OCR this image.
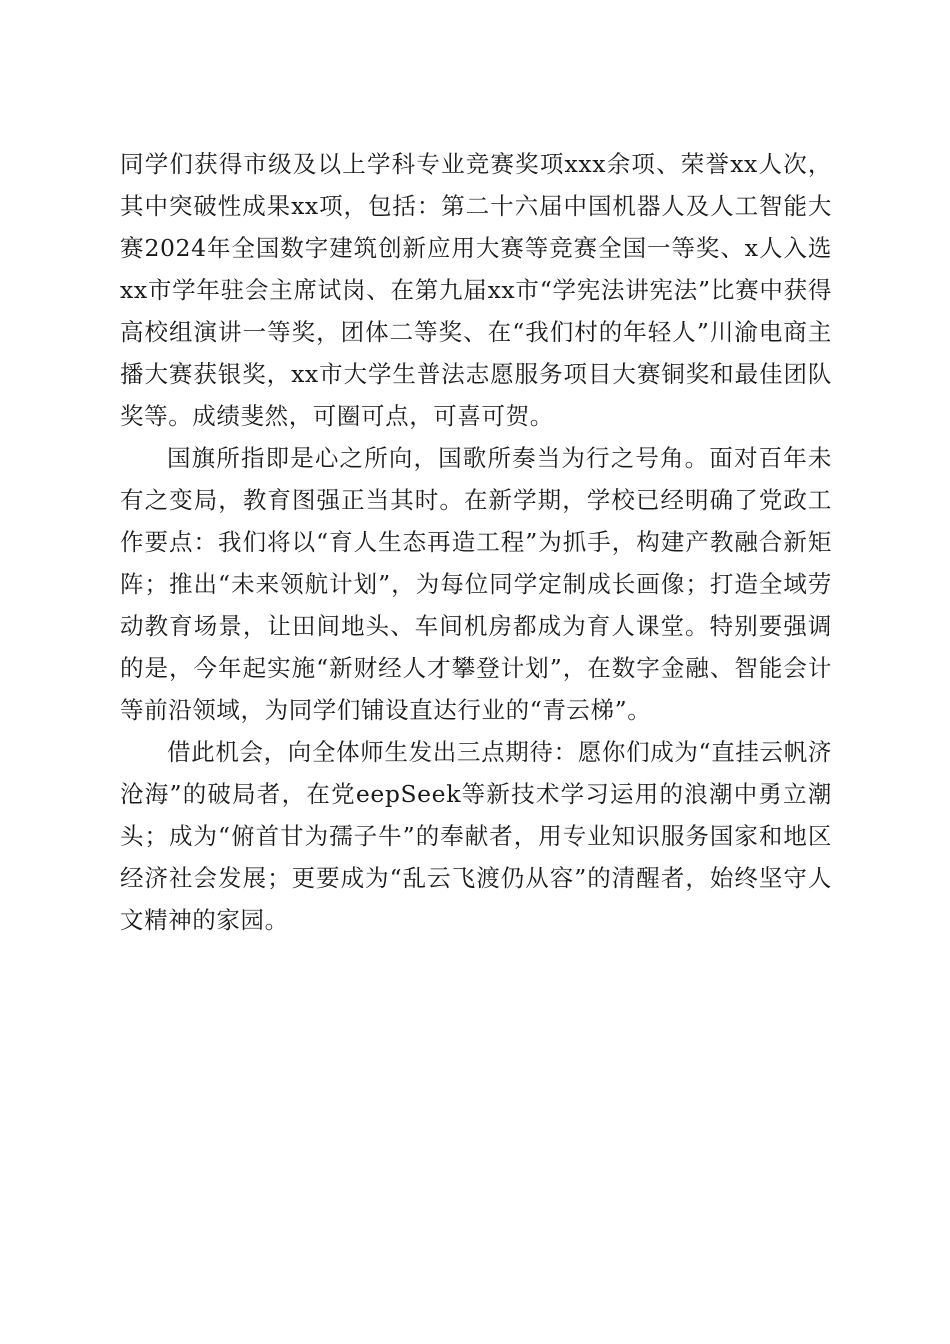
同学们获得市级及以上学科专业竞赛奖项xxx余项、荣誉xx人次，其中突破性成果xx项，包括：第二十六届中国机器人及人工智能大赛2024年全国数字建筑创新应用大赛等竞赛全国一等奖、x人入选xx市学年驻会主席试岗、在第九届xx市“学宪法讲宪法”比赛中获得高校组演讲一等奖，团体二等奖、在“我们村的年轻人”川渝电商主播大赛获银奖，xx市大学生普法志愿服务项目大赛铜奖和最佳团队奖等。成绩斐然，可圈可点，可喜可贺。

国旗所指即是心之所向，国歌所奏当为行之号角。面对百年未有之变局，教育图强正当其时。在新学期，学校已经明确了党政工作要点：我们将以“育人生态再造工程”为抓手，构建产教融合新矩阵；推出“未来领航计划”，为每位同学定制成长画像；打造全域劳动教育场景，让田间地头、车间机房都成为育人课堂。特别要强调的是，今年起实施“新财经人才攀登计划”，在数字金融、智能会计等前沿领域，为同学们铺设直达行业的“青云梯”。

借此机会，向全体师生发出三点期待：愿你们成为“直挂云帆济沧海”的破局者，在党eepSeek等新技术学习运用的浪潮中勇立潮头；成为“俯首甘为孺子牛”的奉献者，用专业知识服务国家和地区经济社会发展；更要成为“乱云飞渡仍从容”的清醒者，始终坚守人文精神的家园。
